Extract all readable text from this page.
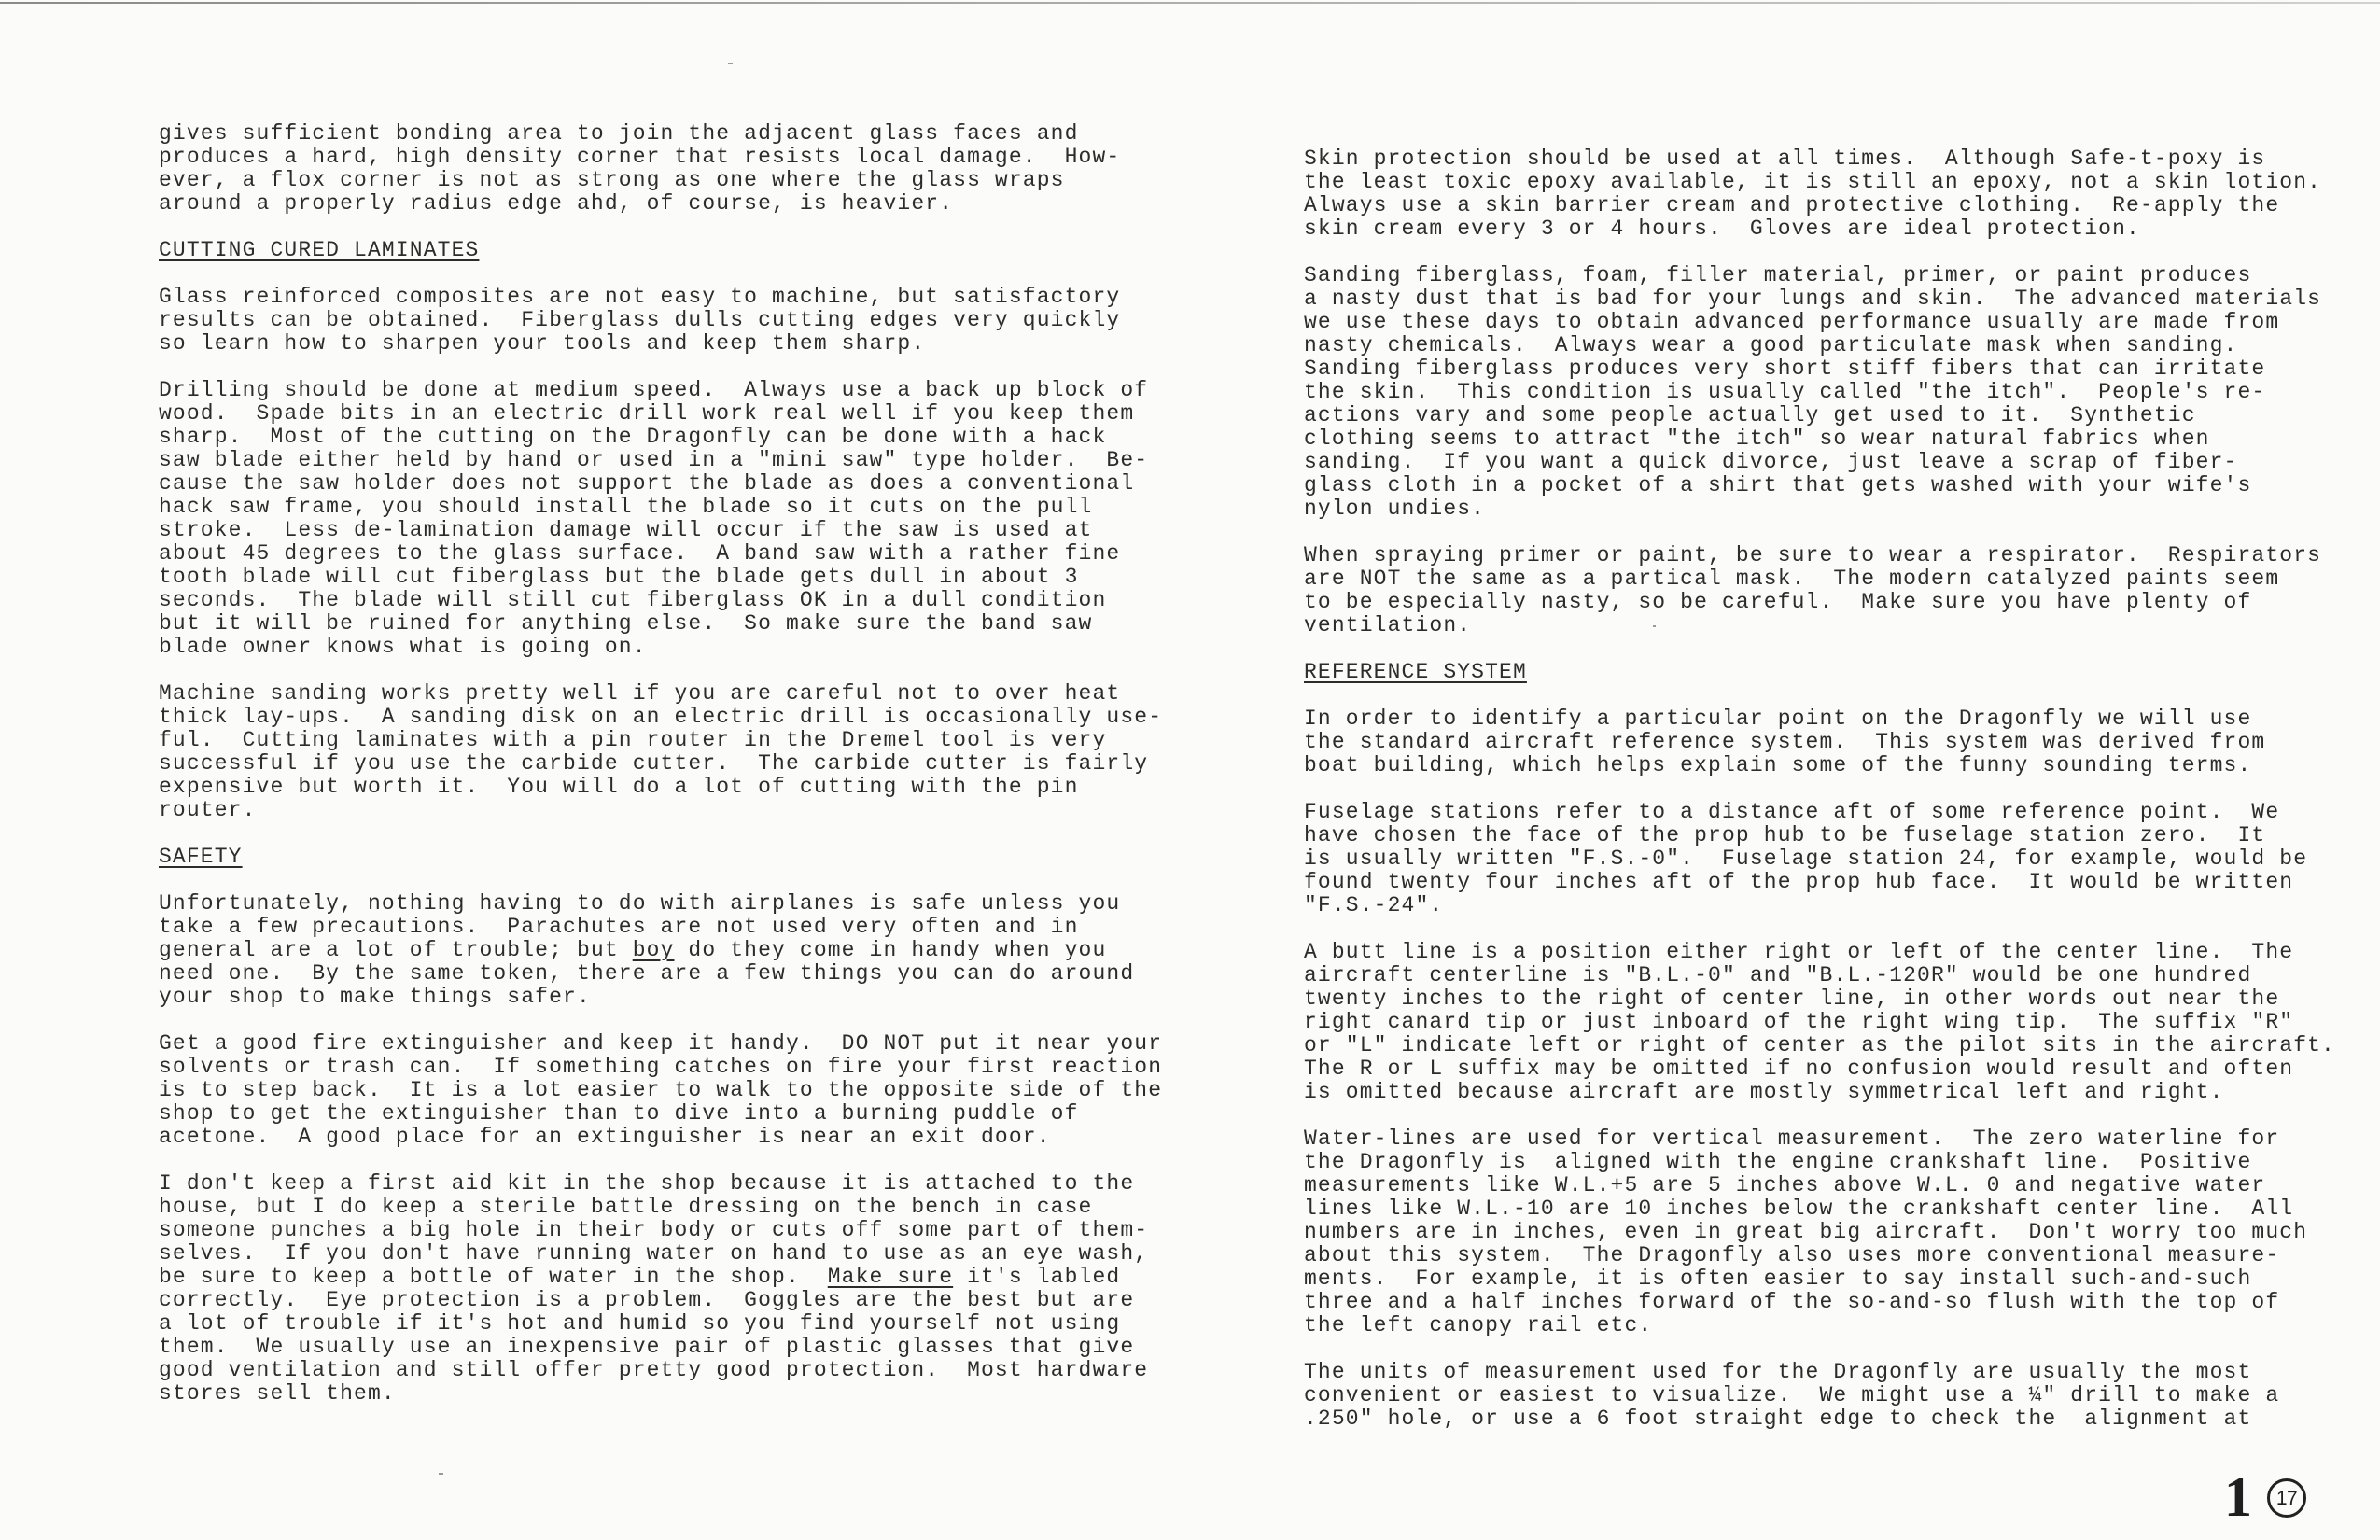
gives sufficient bonding area to join the adjacent glass faces and
produces a hard, high density corner that resists local damage.  How-
ever, a flox corner is not as strong as one where the glass wraps
around a properly radius edge ahd, of course, is heavier.
CUTTING CURED LAMINATES
Glass reinforced composites are not easy to machine, but satisfactory
results can be obtained.  Fiberglass dulls cutting edges very quickly
so learn how to sharpen your tools and keep them sharp.
Drilling should be done at medium speed.  Always use a back up block of
wood.  Spade bits in an electric drill work real well if you keep them
sharp.  Most of the cutting on the Dragonfly can be done with a hack
saw blade either held by hand or used in a "mini saw" type holder.  Be-
cause the saw holder does not support the blade as does a conventional
hack saw frame, you should install the blade so it cuts on the pull
stroke.  Less de-lamination damage will occur if the saw is used at
about 45 degrees to the glass surface.  A band saw with a rather fine
tooth blade will cut fiberglass but the blade gets dull in about 3
seconds.  The blade will still cut fiberglass OK in a dull condition
but it will be ruined for anything else.  So make sure the band saw
blade owner knows what is going on.
Machine sanding works pretty well if you are careful not to over heat
thick lay-ups.  A sanding disk on an electric drill is occasionally use-
ful.  Cutting laminates with a pin router in the Dremel tool is very
successful if you use the carbide cutter.  The carbide cutter is fairly
expensive but worth it.  You will do a lot of cutting with the pin
router.
SAFETY
Unfortunately, nothing having to do with airplanes is safe unless you
take a few precautions.  Parachutes are not used very often and in
general are a lot of trouble; but boy do they come in handy when you
need one.  By the same token, there are a few things you can do around
your shop to make things safer.
Get a good fire extinguisher and keep it handy.  DO NOT put it near your
solvents or trash can.  If something catches on fire your first reaction
is to step back.  It is a lot easier to walk to the opposite side of the
shop to get the extinguisher than to dive into a burning puddle of
acetone.  A good place for an extinguisher is near an exit door.
I don't keep a first aid kit in the shop because it is attached to the
house, but I do keep a sterile battle dressing on the bench in case
someone punches a big hole in their body or cuts off some part of them-
selves.  If you don't have running water on hand to use as an eye wash,
be sure to keep a bottle of water in the shop.  Make sure it's labled
correctly.  Eye protection is a problem.  Goggles are the best but are
a lot of trouble if it's hot and humid so you find yourself not using
them.  We usually use an inexpensive pair of plastic glasses that give
good ventilation and still offer pretty good protection.  Most hardware
stores sell them.
Skin protection should be used at all times.  Although Safe-t-poxy is
the least toxic epoxy available, it is still an epoxy, not a skin lotion.
Always use a skin barrier cream and protective clothing.  Re-apply the
skin cream every 3 or 4 hours.  Gloves are ideal protection.
Sanding fiberglass, foam, filler material, primer, or paint produces
a nasty dust that is bad for your lungs and skin.  The advanced materials
we use these days to obtain advanced performance usually are made from
nasty chemicals.  Always wear a good particulate mask when sanding.
Sanding fiberglass produces very short stiff fibers that can irritate
the skin.  This condition is usually called "the itch".  People's re-
actions vary and some people actually get used to it.  Synthetic
clothing seems to attract "the itch" so wear natural fabrics when
sanding.  If you want a quick divorce, just leave a scrap of fiber-
glass cloth in a pocket of a shirt that gets washed with your wife's
nylon undies.
When spraying primer or paint, be sure to wear a respirator.  Respirators
are NOT the same as a partical mask.  The modern catalyzed paints seem
to be especially nasty, so be careful.  Make sure you have plenty of
ventilation.
REFERENCE SYSTEM
In order to identify a particular point on the Dragonfly we will use
the standard aircraft reference system.  This system was derived from
boat building, which helps explain some of the funny sounding terms.
Fuselage stations refer to a distance aft of some reference point.  We
have chosen the face of the prop hub to be fuselage station zero.  It
is usually written "F.S.-0".  Fuselage station 24, for example, would be
found twenty four inches aft of the prop hub face.  It would be written
"F.S.-24".
A butt line is a position either right or left of the center line.  The
aircraft centerline is "B.L.-0" and "B.L.-120R" would be one hundred
twenty inches to the right of center line, in other words out near the
right canard tip or just inboard of the right wing tip.  The suffix "R"
or "L" indicate left or right of center as the pilot sits in the aircraft.
The R or L suffix may be omitted if no confusion would result and often
is omitted because aircraft are mostly symmetrical left and right.
Water-lines are used for vertical measurement.  The zero waterline for
the Dragonfly is  aligned with the engine crankshaft line.  Positive
measurements like W.L.+5 are 5 inches above W.L. 0 and negative water
lines like W.L.-10 are 10 inches below the crankshaft center line.  All
numbers are in inches, even in great big aircraft.  Don't worry too much
about this system.  The Dragonfly also uses more conventional measure-
ments.  For example, it is often easier to say install such-and-such
three and a half inches forward of the so-and-so flush with the top of
the left canopy rail etc.
The units of measurement used for the Dragonfly are usually the most
convenient or easiest to visualize.  We might use a ¼" drill to make a
.250" hole, or use a 6 foot straight edge to check the  alignment at
1 17
